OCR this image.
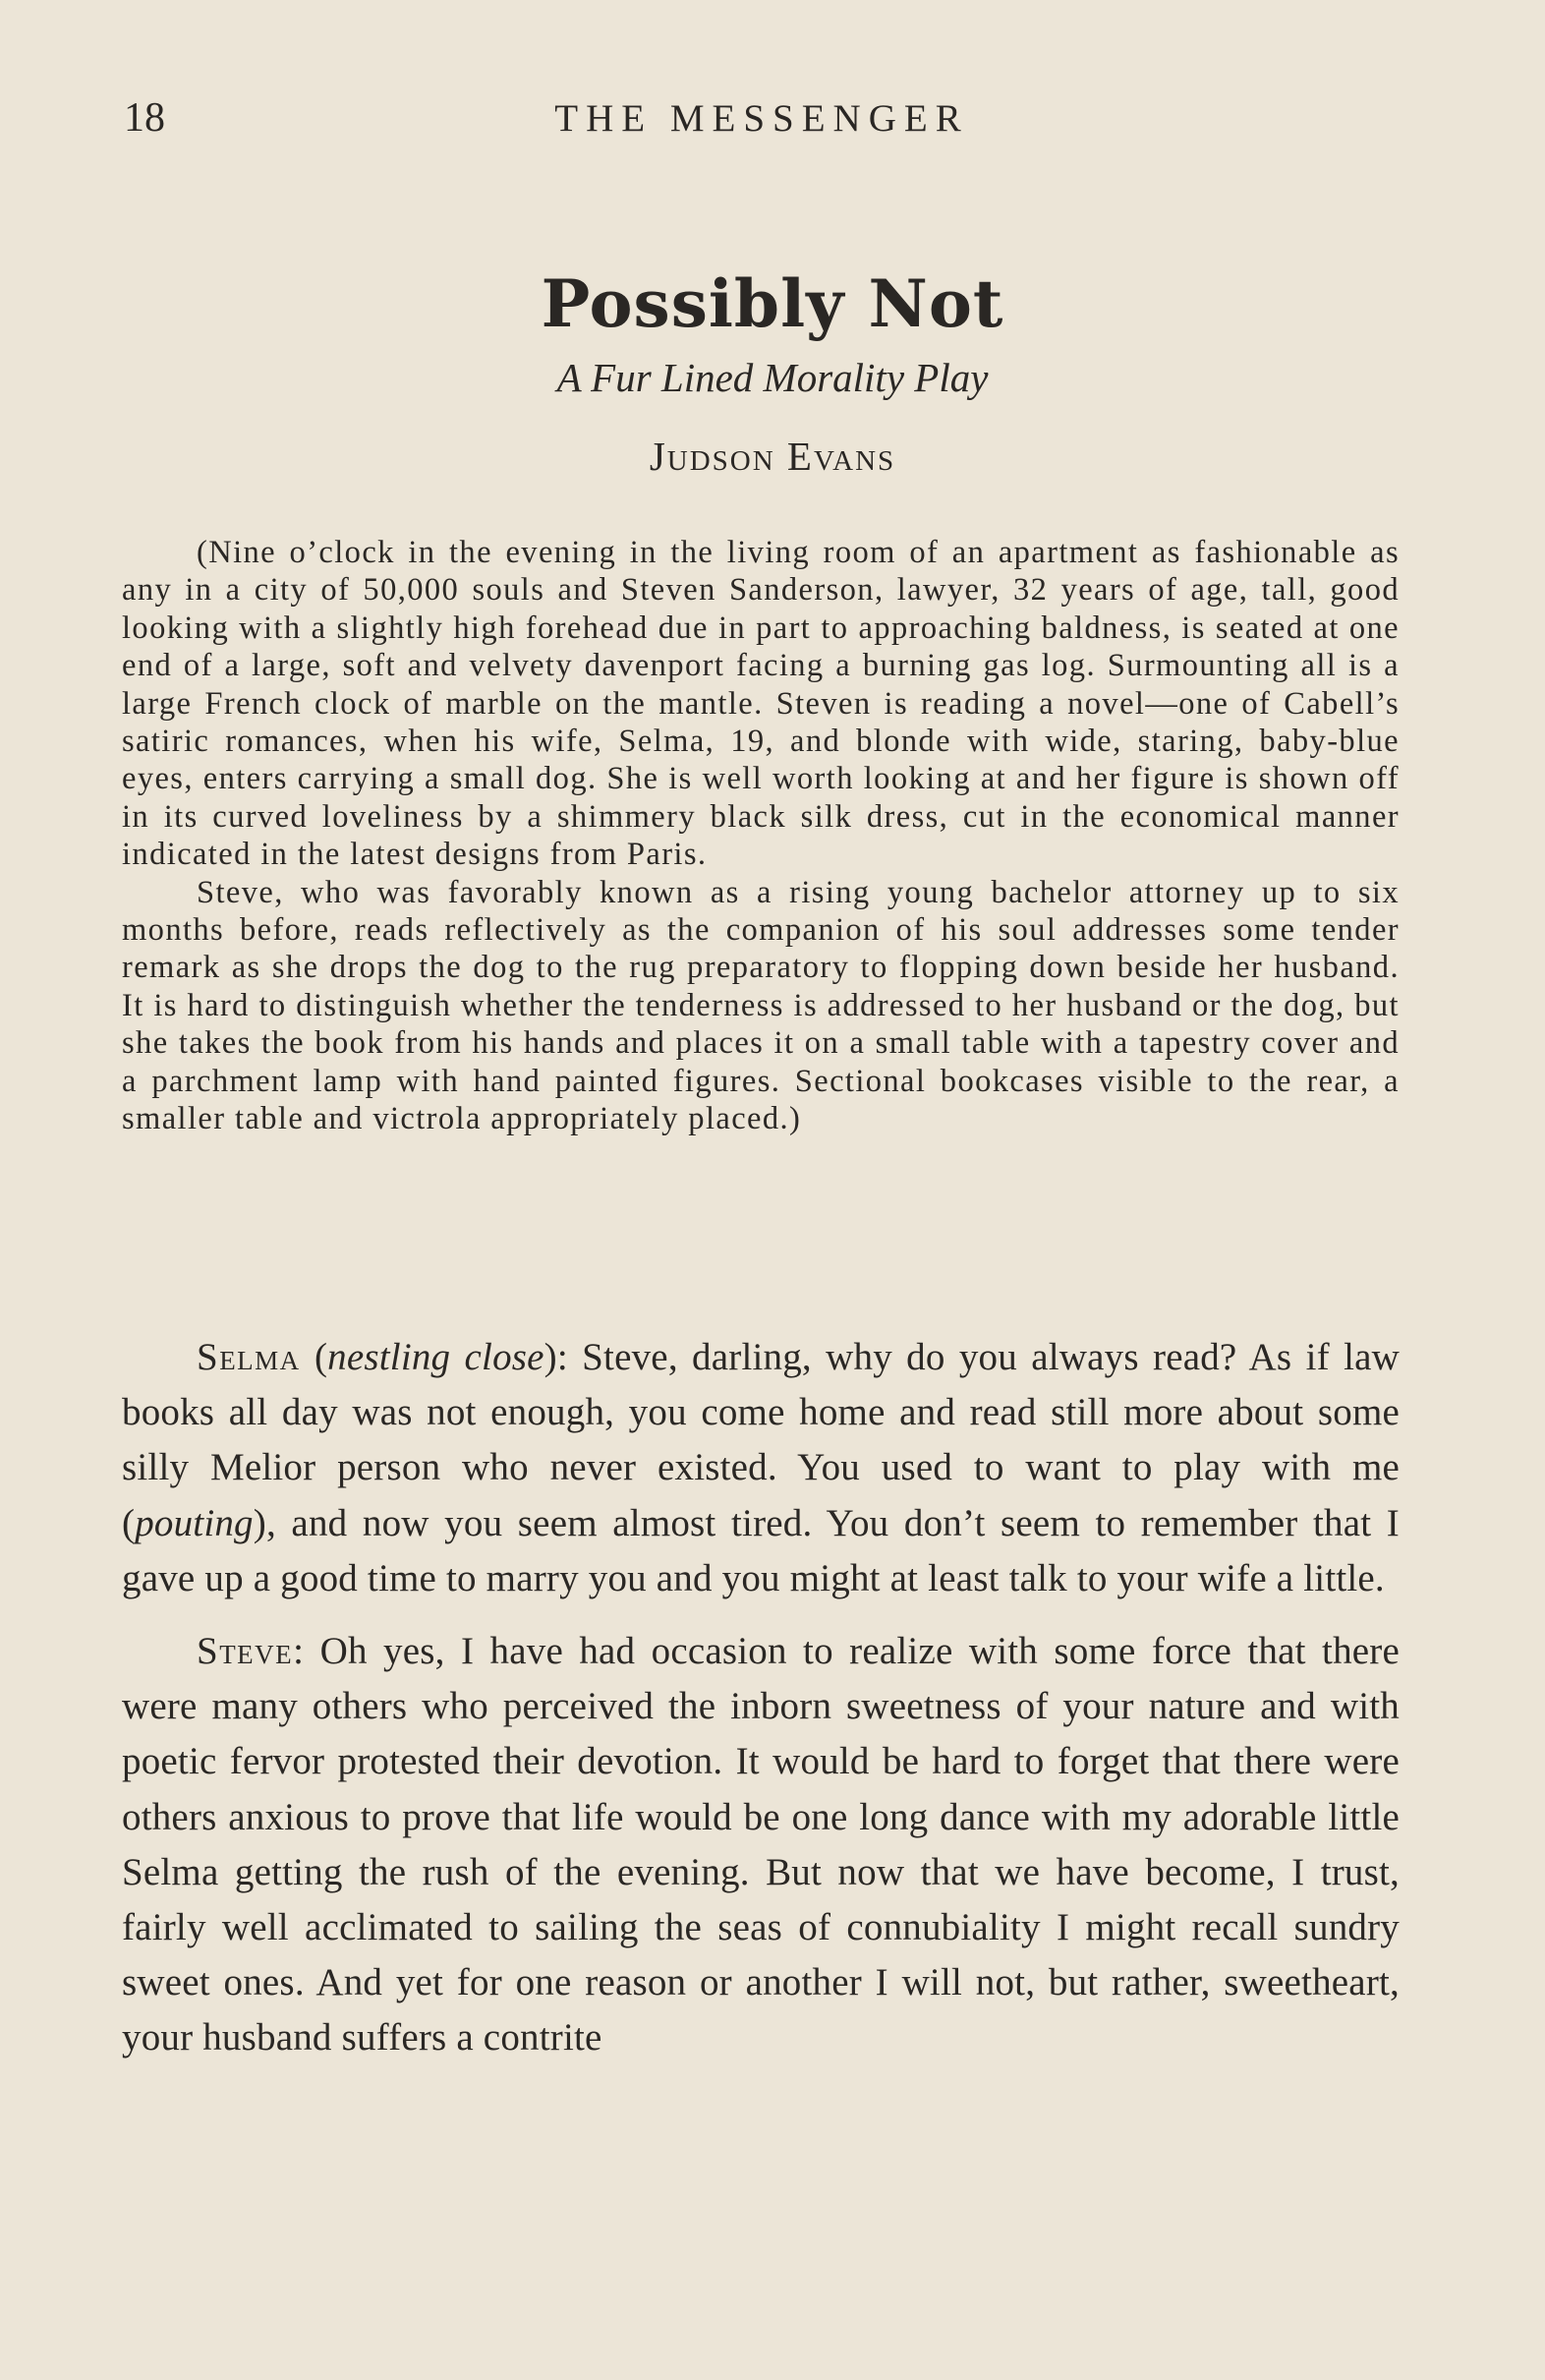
18	THE MESSENGER
Possibly Not
A Fur Lined Morality Play
Judson Evans

(Nine o’clock in the evening in the living room of an apartment as fashionable as any in a city of 50,000 souls and Steven Sanderson, lawyer, 32 years of age, tall, good looking with a slightly high forehead due in part to approaching baldness, is seated at one end of a large, soft and velvety davenport facing a burning gas log. Surmounting all is a large French clock of marble on the mantle. Steven is reading a novel—one of Cabell’s satiric romances, when his wife, Selma, 19, and blonde with wide, staring, baby-blue eyes, enters carrying a small dog. She is well worth looking at and her figure is shown off in its curved loveliness by a shimmery black silk dress, cut in the economical manner indicated in the latest designs from Paris.

Steve, who was favorably known as a rising young bachelor attorney up to six months before, reads reflectively as the companion of his soul addresses some tender remark as she drops the dog to the rug preparatory to flopping down beside her husband. It is hard to distinguish whether the tenderness is addressed to her husband or the dog, but she takes the book from his hands and places it on a small table with a tapestry cover and a parchment lamp with hand painted figures. Sectional bookcases visible to the rear, a smaller table and victrola appropriately placed.)

Selma (nestling close): Steve, darling, why do you always read? As if law books all day was not enough, you come home and read still more about some silly Melior person who never existed. You used to want to play with me (pouting), and now you seem almost tired. You don’t seem to remember that I gave up a good time to marry you and you might at least talk to your wife a little.

Steve: Oh yes, I have had occasion to realize with some force that there were many others who perceived the inborn sweetness of your nature and with poetic fervor protested their devotion. It would be hard to forget that there were others anxious to prove that life would be one long dance with my adorable little Selma getting the rush of the evening. But now that we have become, I trust, fairly well acclimated to sailing the seas of connubiality I might recall sundry sweet ones. And yet for one reason or another I will not, but rather, sweetheart, your husband suffers a contrite
